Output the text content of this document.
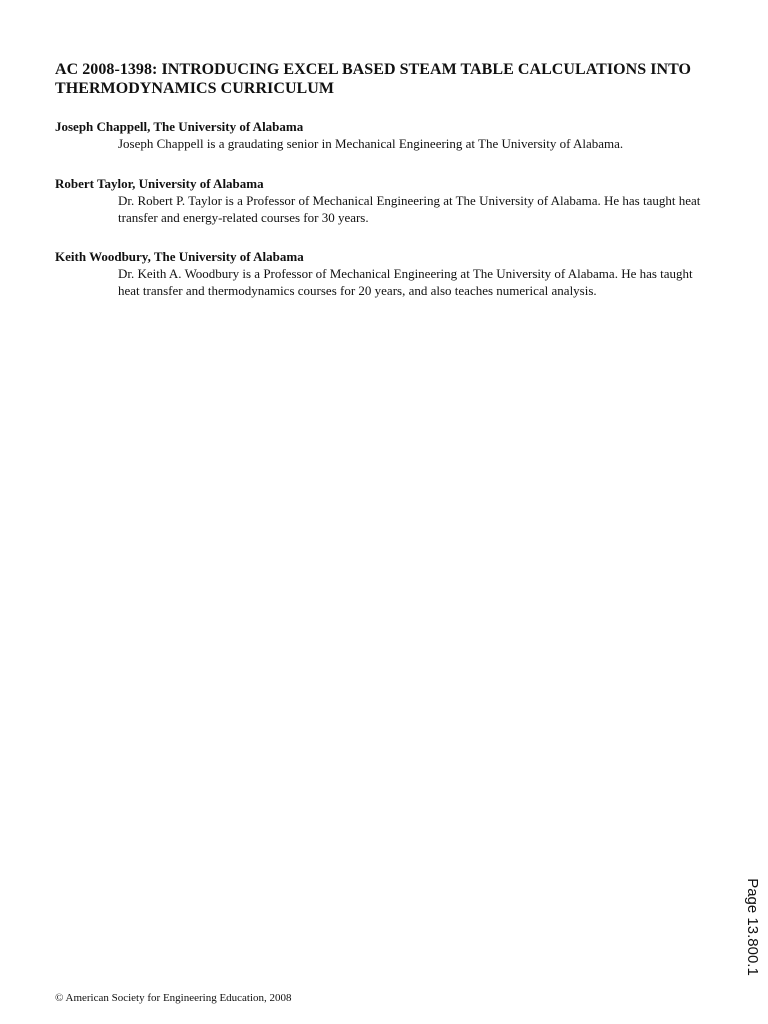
AC 2008-1398: INTRODUCING EXCEL BASED STEAM TABLE CALCULATIONS INTO THERMODYNAMICS CURRICULUM

Joseph Chappell, The University of Alabama

Joseph Chappell is a graudating senior in Mechanical Engineering at The University of Alabama.

Robert Taylor, University of Alabama

Dr. Robert P. Taylor is a Professor of Mechanical Engineering at The University of Alabama. He has taught heat transfer and energy-related courses for 30 years.

Keith Woodbury, The University of Alabama

Dr. Keith A. Woodbury is a Professor of Mechanical Engineering at The University of Alabama. He has taught heat transfer and thermodynamics courses for 20 years, and also teaches numerical analysis.

Page 13.800.1
© American Society for Engineering Education, 2008
